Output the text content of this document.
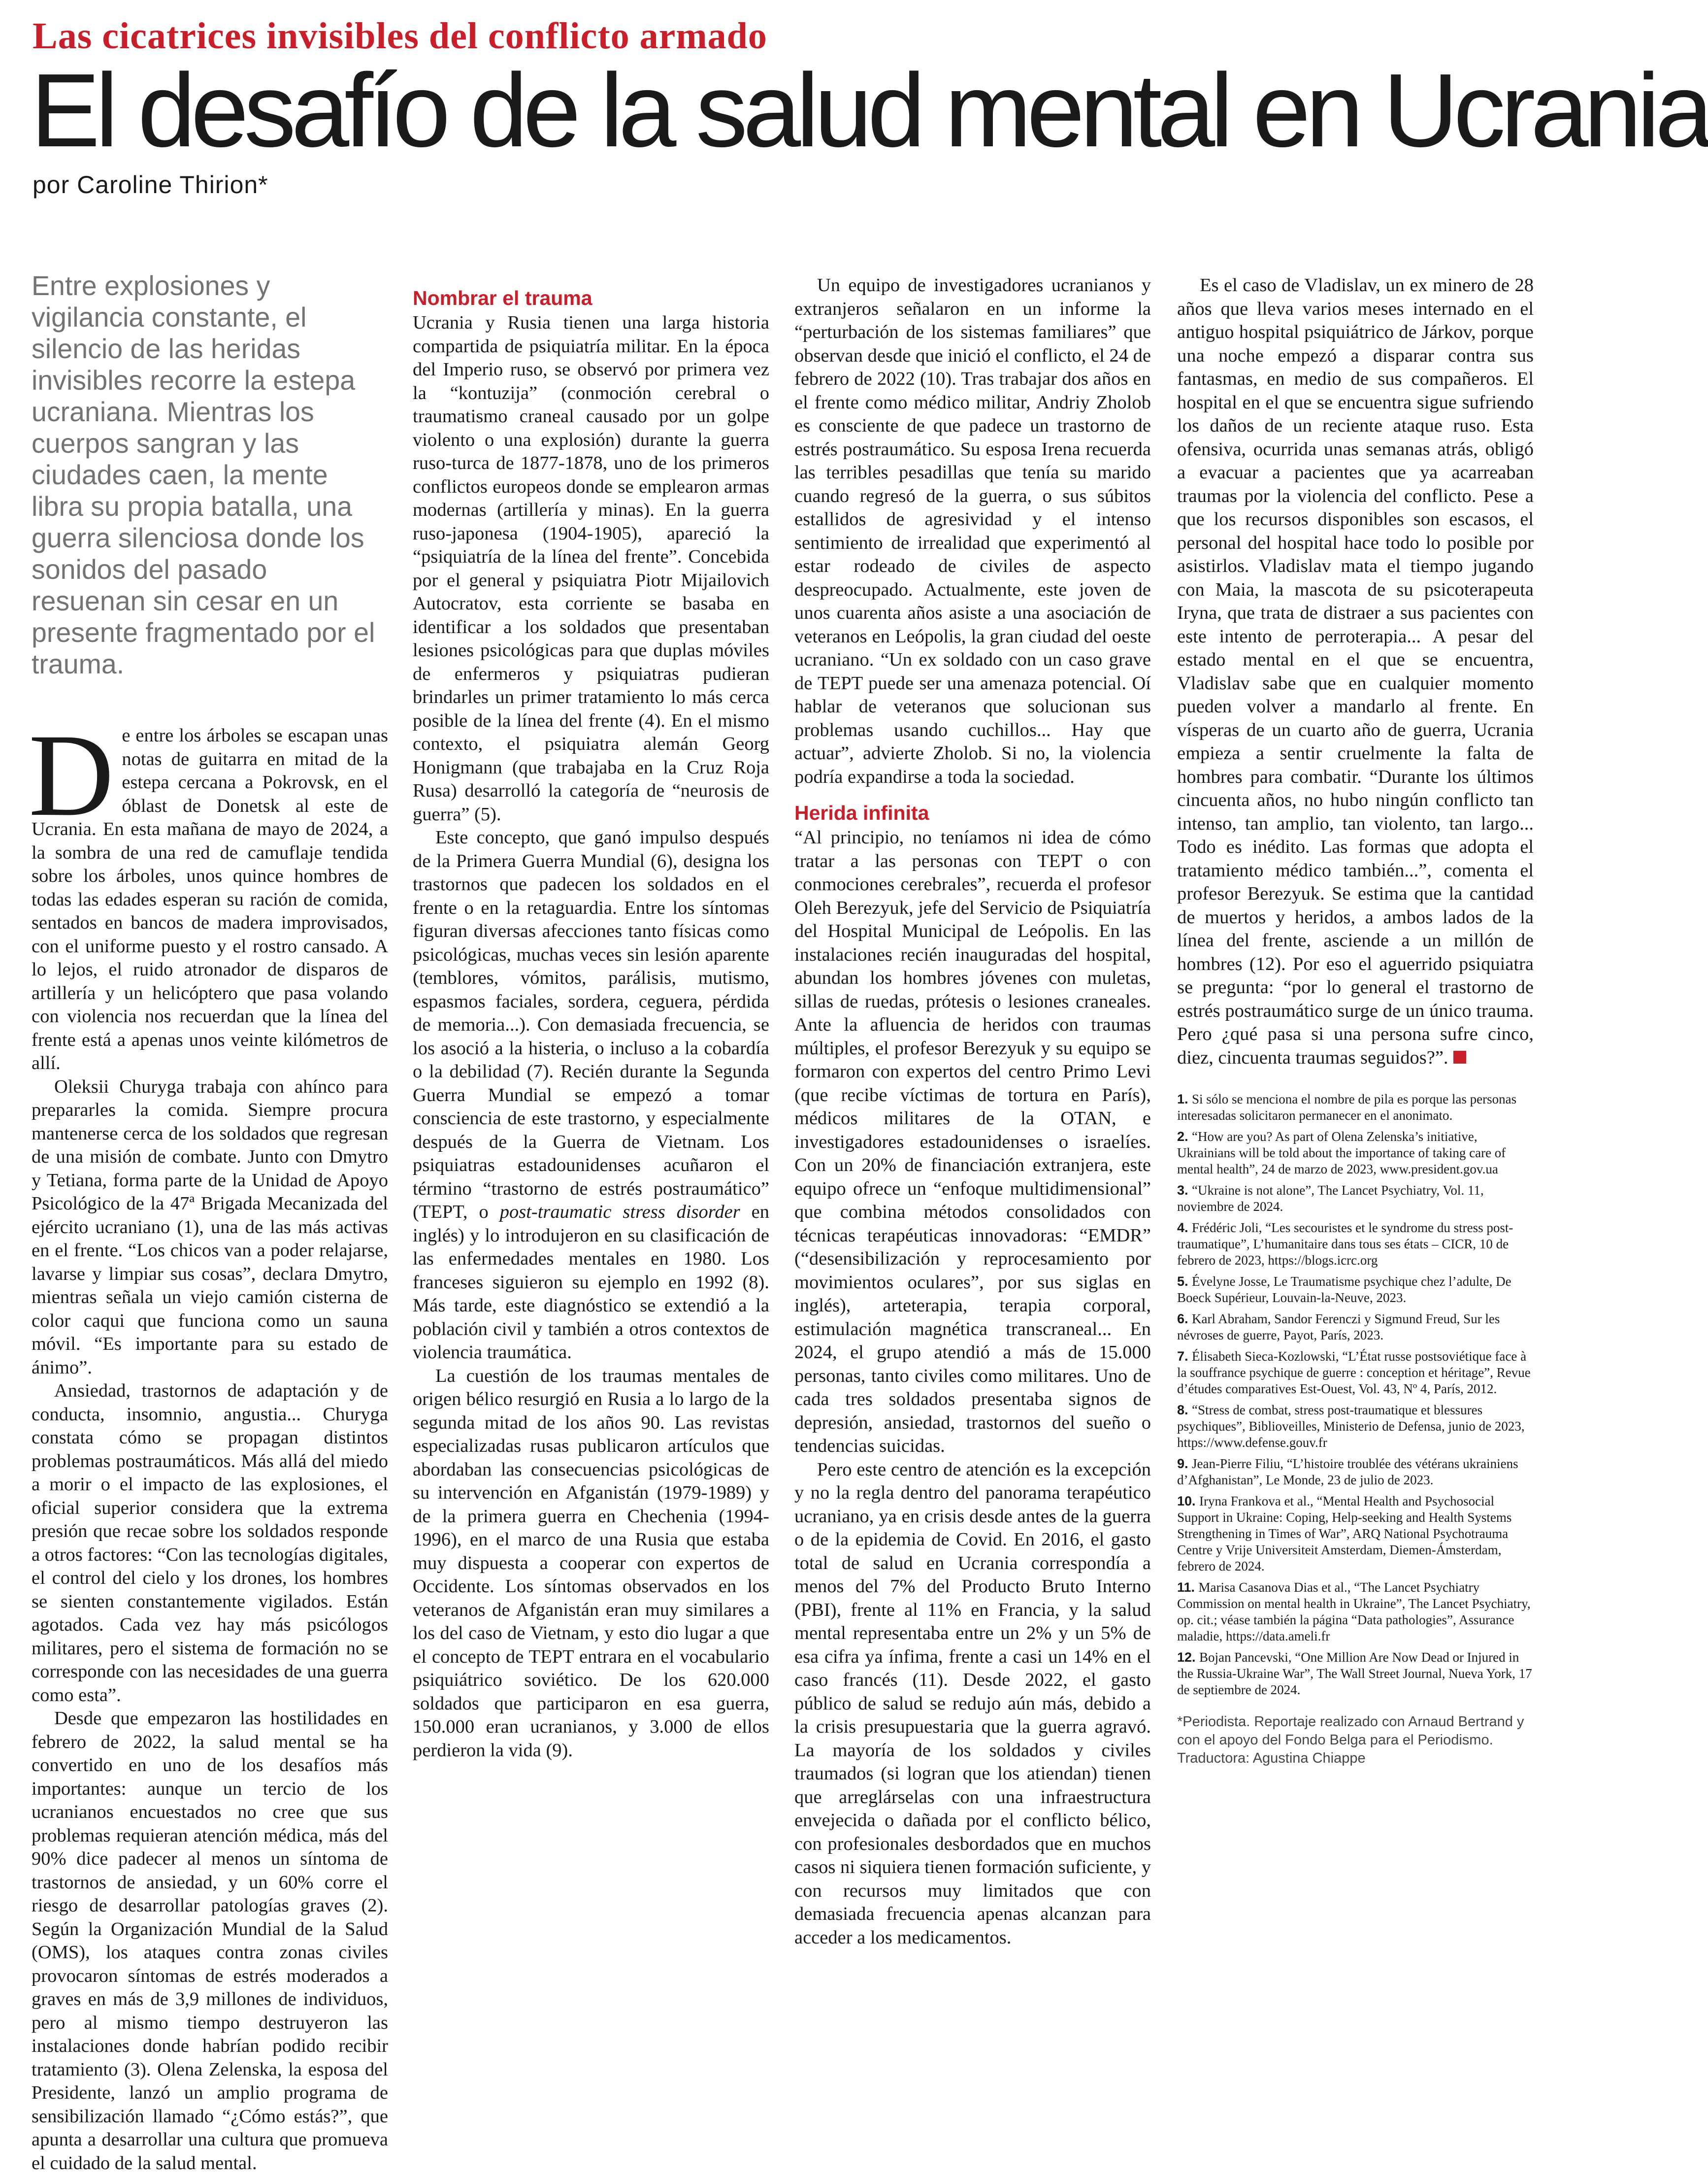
Las cicatrices invisibles del conflicto armado
El desafío de la salud mental en Ucrania
por Caroline Thirion*
Entre explosiones y vigilancia constante, el silencio de las heridas invisibles recorre la estepa ucraniana. Mientras los cuerpos sangran y las ciudades caen, la mente libra su propia batalla, una guerra silenciosa donde los sonidos del pasado resuenan sin cesar en un presente fragmentado por el trauma.

De entre los árboles se escapan unas notas de guitarra en mitad de la estepa cercana a Pokrovsk, en el óblast de Donetsk al este de Ucrania. En esta mañana de mayo de 2024, a la sombra de una red de camuflaje tendida sobre los árboles, unos quince hombres de todas las edades esperan su ración de comida, sentados en bancos de madera improvisados, con el uniforme puesto y el rostro cansado. A lo lejos, el ruido atronador de disparos de artillería y un helicóptero que pasa volando con violencia nos recuerdan que la línea del frente está a apenas unos veinte kilómetros de allí.

Oleksii Churyga trabaja con ahínco para prepararles la comida. Siempre procura mantenerse cerca de los soldados que regresan de una misión de combate. Junto con Dmytro y Tetiana, forma parte de la Unidad de Apoyo Psicológico de la 47ª Brigada Mecanizada del ejército ucraniano (1), una de las más activas en el frente. “Los chicos van a poder relajarse, lavarse y limpiar sus cosas”, declara Dmytro, mientras señala un viejo camión cisterna de color caqui que funciona como un sauna móvil. “Es importante para su estado de ánimo”.

Ansiedad, trastornos de adaptación y de conducta, insomnio, angustia... Churyga constata cómo se propagan distintos problemas postraumáticos. Más allá del miedo a morir o el impacto de las explosiones, el oficial superior considera que la extrema presión que recae sobre los soldados responde a otros factores: “Con las tecnologías digitales, el control del cielo y los drones, los hombres se sienten constantemente vigilados. Están agotados. Cada vez hay más psicólogos militares, pero el sistema de formación no se corresponde con las necesidades de una guerra como esta”.

Desde que empezaron las hostilidades en febrero de 2022, la salud mental se ha convertido en uno de los desafíos más importantes: aunque un tercio de los ucranianos encuestados no cree que sus problemas requieran atención médica, más del 90% dice padecer al menos un síntoma de trastornos de ansiedad, y un 60% corre el riesgo de desarrollar patologías graves (2). Según la Organización Mundial de la Salud (OMS), los ataques contra zonas civiles provocaron síntomas de estrés moderados a graves en más de 3,9 millones de individuos, pero al mismo tiempo destruyeron las instalaciones donde habrían podido recibir tratamiento (3). Olena Zelenska, la esposa del Presidente, lanzó un amplio programa de sensibilización llamado “¿Cómo estás?”, que apunta a desarrollar una cultura que promueva el cuidado de la salud mental.

Nombrar el trauma

Ucrania y Rusia tienen una larga historia compartida de psiquiatría militar. En la época del Imperio ruso, se observó por primera vez la “kontuzija” (conmoción cerebral o traumatismo craneal causado por un golpe violento o una explosión) durante la guerra ruso-turca de 1877-1878, uno de los primeros conflictos europeos donde se emplearon armas modernas (artillería y minas). En la guerra ruso-japonesa (1904-1905), apareció la “psiquiatría de la línea del frente”. Concebida por el general y psiquiatra Piotr Mijailovich Autocratov, esta corriente se basaba en identificar a los soldados que presentaban lesiones psicológicas para que duplas móviles de enfermeros y psiquiatras pudieran brindarles un primer tratamiento lo más cerca posible de la línea del frente (4). En el mismo contexto, el psiquiatra alemán Georg Honigmann (que trabajaba en la Cruz Roja Rusa) desarrolló la categoría de “neurosis de guerra” (5).

Este concepto, que ganó impulso después de la Primera Guerra Mundial (6), designa los trastornos que padecen los soldados en el frente o en la retaguardia. Entre los síntomas figuran diversas afecciones tanto físicas como psicológicas, muchas veces sin lesión aparente (temblores, vómitos, parálisis, mutismo, espasmos faciales, sordera, ceguera, pérdida de memoria...). Con demasiada frecuencia, se los asoció a la histeria, o incluso a la cobardía o la debilidad (7). Recién durante la Segunda Guerra Mundial se empezó a tomar consciencia de este trastorno, y especialmente después de la Guerra de Vietnam. Los psiquiatras estadounidenses acuñaron el término “trastorno de estrés postraumático” (TEPT, o post-traumatic stress disorder en inglés) y lo introdujeron en su clasificación de las enfermedades mentales en 1980. Los franceses siguieron su ejemplo en 1992 (8). Más tarde, este diagnóstico se extendió a la población civil y también a otros contextos de violencia traumática.

La cuestión de los traumas mentales de origen bélico resurgió en Rusia a lo largo de la segunda mitad de los años 90. Las revistas especializadas rusas publicaron artículos que abordaban las consecuencias psicológicas de su intervención en Afganistán (1979-1989) y de la primera guerra en Chechenia (1994-1996), en el marco de una Rusia que estaba muy dispuesta a cooperar con expertos de Occidente. Los síntomas observados en los veteranos de Afganistán eran muy similares a los del caso de Vietnam, y esto dio lugar a que el concepto de TEPT entrara en el vocabulario psiquiátrico soviético. De los 620.000 soldados que participaron en esa guerra, 150.000 eran ucranianos, y 3.000 de ellos perdieron la vida (9).

Un equipo de investigadores ucranianos y extranjeros señalaron en un informe la “perturbación de los sistemas familiares” que observan desde que inició el conflicto, el 24 de febrero de 2022 (10). Tras trabajar dos años en el frente como médico militar, Andriy Zholob es consciente de que padece un trastorno de estrés postraumático. Su esposa Irena recuerda las terribles pesadillas que tenía su marido cuando regresó de la guerra, o sus súbitos estallidos de agresividad y el intenso sentimiento de irrealidad que experimentó al estar rodeado de civiles de aspecto despreocupado. Actualmente, este joven de unos cuarenta años asiste a una asociación de veteranos en Leópolis, la gran ciudad del oeste ucraniano. “Un ex soldado con un caso grave de TEPT puede ser una amenaza potencial. Oí hablar de veteranos que solucionan sus problemas usando cuchillos... Hay que actuar”, advierte Zholob. Si no, la violencia podría expandirse a toda la sociedad.

Herida infinita

“Al principio, no teníamos ni idea de cómo tratar a las personas con TEPT o con conmociones cerebrales”, recuerda el profesor Oleh Berezyuk, jefe del Servicio de Psiquiatría del Hospital Municipal de Leópolis. En las instalaciones recién inauguradas del hospital, abundan los hombres jóvenes con muletas, sillas de ruedas, prótesis o lesiones craneales. Ante la afluencia de heridos con traumas múltiples, el profesor Berezyuk y su equipo se formaron con expertos del centro Primo Levi (que recibe víctimas de tortura en París), médicos militares de la OTAN, e investigadores estadounidenses o israelíes. Con un 20% de financiación extranjera, este equipo ofrece un “enfoque multidimensional” que combina métodos consolidados con técnicas terapéuticas innovadoras: “EMDR” (“desensibilización y reprocesamiento por movimientos oculares”, por sus siglas en inglés), arteterapia, terapia corporal, estimulación magnética transcraneal... En 2024, el grupo atendió a más de 15.000 personas, tanto civiles como militares. Uno de cada tres soldados presentaba signos de depresión, ansiedad, trastornos del sueño o tendencias suicidas.

Pero este centro de atención es la excepción y no la regla dentro del panorama terapéutico ucraniano, ya en crisis desde antes de la guerra o de la epidemia de Covid. En 2016, el gasto total de salud en Ucrania correspondía a menos del 7% del Producto Bruto Interno (PBI), frente al 11% en Francia, y la salud mental representaba entre un 2% y un 5% de esa cifra ya ínfima, frente a casi un 14% en el caso francés (11). Desde 2022, el gasto público de salud se redujo aún más, debido a la crisis presupuestaria que la guerra agravó. La mayoría de los soldados y civiles traumados (si logran que los atiendan) tienen que arreglárselas con una infraestructura envejecida o dañada por el conflicto bélico, con profesionales desbordados que en muchos casos ni siquiera tienen formación suficiente, y con recursos muy limitados que con demasiada frecuencia apenas alcanzan para acceder a los medicamentos.

Es el caso de Vladislav, un ex minero de 28 años que lleva varios meses internado en el antiguo hospital psiquiátrico de Járkov, porque una noche empezó a disparar contra sus fantasmas, en medio de sus compañeros. El hospital en el que se encuentra sigue sufriendo los daños de un reciente ataque ruso. Esta ofensiva, ocurrida unas semanas atrás, obligó a evacuar a pacientes que ya acarreaban traumas por la violencia del conflicto. Pese a que los recursos disponibles son escasos, el personal del hospital hace todo lo posible por asistirlos. Vladislav mata el tiempo jugando con Maia, la mascota de su psicoterapeuta Iryna, que trata de distraer a sus pacientes con este intento de perroterapia... A pesar del estado mental en el que se encuentra, Vladislav sabe que en cualquier momento pueden volver a mandarlo al frente. En vísperas de un cuarto año de guerra, Ucrania empieza a sentir cruelmente la falta de hombres para combatir. “Durante los últimos cincuenta años, no hubo ningún conflicto tan intenso, tan amplio, tan violento, tan largo... Todo es inédito. Las formas que adopta el tratamiento médico también...”, comenta el profesor Berezyuk. Se estima que la cantidad de muertos y heridos, a ambos lados de la línea del frente, asciende a un millón de hombres (12). Por eso el aguerrido psiquiatra se pregunta: “por lo general el trastorno de estrés postraumático surge de un único trauma. Pero ¿qué pasa si una persona sufre cinco, diez, cincuenta traumas seguidos?”.

1. Si sólo se menciona el nombre de pila es porque las personas interesadas solicitaron permanecer en el anonimato.

2. “How are you? As part of Olena Zelenska’s initiative, Ukrainians will be told about the importance of taking care of mental health”, 24 de marzo de 2023, www.president.gov.ua

3. “Ukraine is not alone”, The Lancet Psychiatry, Vol. 11, noviembre de 2024.

4. Frédéric Joli, “Les secouristes et le syndrome du stress post-traumatique”, L’humanitaire dans tous ses états – CICR, 10 de febrero de 2023, https://blogs.icrc.org

5. Évelyne Josse, Le Traumatisme psychique chez l’adulte, De Boeck Supérieur, Louvain-la-Neuve, 2023.

6. Karl Abraham, Sandor Ferenczi y Sigmund Freud, Sur les névroses de guerre, Payot, París, 2023.

7. Élisabeth Sieca-Kozlowski, “L’État russe postsoviétique face à la souffrance psychique de guerre : conception et héritage”, Revue d’études comparatives Est-Ouest, Vol. 43, Nº 4, París, 2012.

8. “Stress de combat, stress post-traumatique et blessures psychiques”, Biblioveilles, Ministerio de Defensa, junio de 2023, https://www.defense.gouv.fr

9. Jean-Pierre Filiu, “L’histoire troublée des vétérans ukrainiens d’Afghanistan”, Le Monde, 23 de julio de 2023.

10. Iryna Frankova et al., “Mental Health and Psychosocial Support in Ukraine: Coping, Help-seeking and Health Systems Strengthening in Times of War”, ARQ National Psychotrauma Centre y Vrije Universiteit Amsterdam, Diemen-Ámsterdam, febrero de 2024.

11. Marisa Casanova Dias et al., “The Lancet Psychiatry Commission on mental health in Ukraine”, The Lancet Psychiatry, op. cit.; véase también la página “Data pathologies”, Assurance maladie, https://data.ameli.fr

12. Bojan Pancevski, “One Million Are Now Dead or Injured in the Russia-Ukraine War”, The Wall Street Journal, Nueva York, 17 de septiembre de 2024.

*Periodista. Reportaje realizado con Arnaud Bertrand y con el apoyo del Fondo Belga para el Periodismo.

Traductora: Agustina Chiappe
